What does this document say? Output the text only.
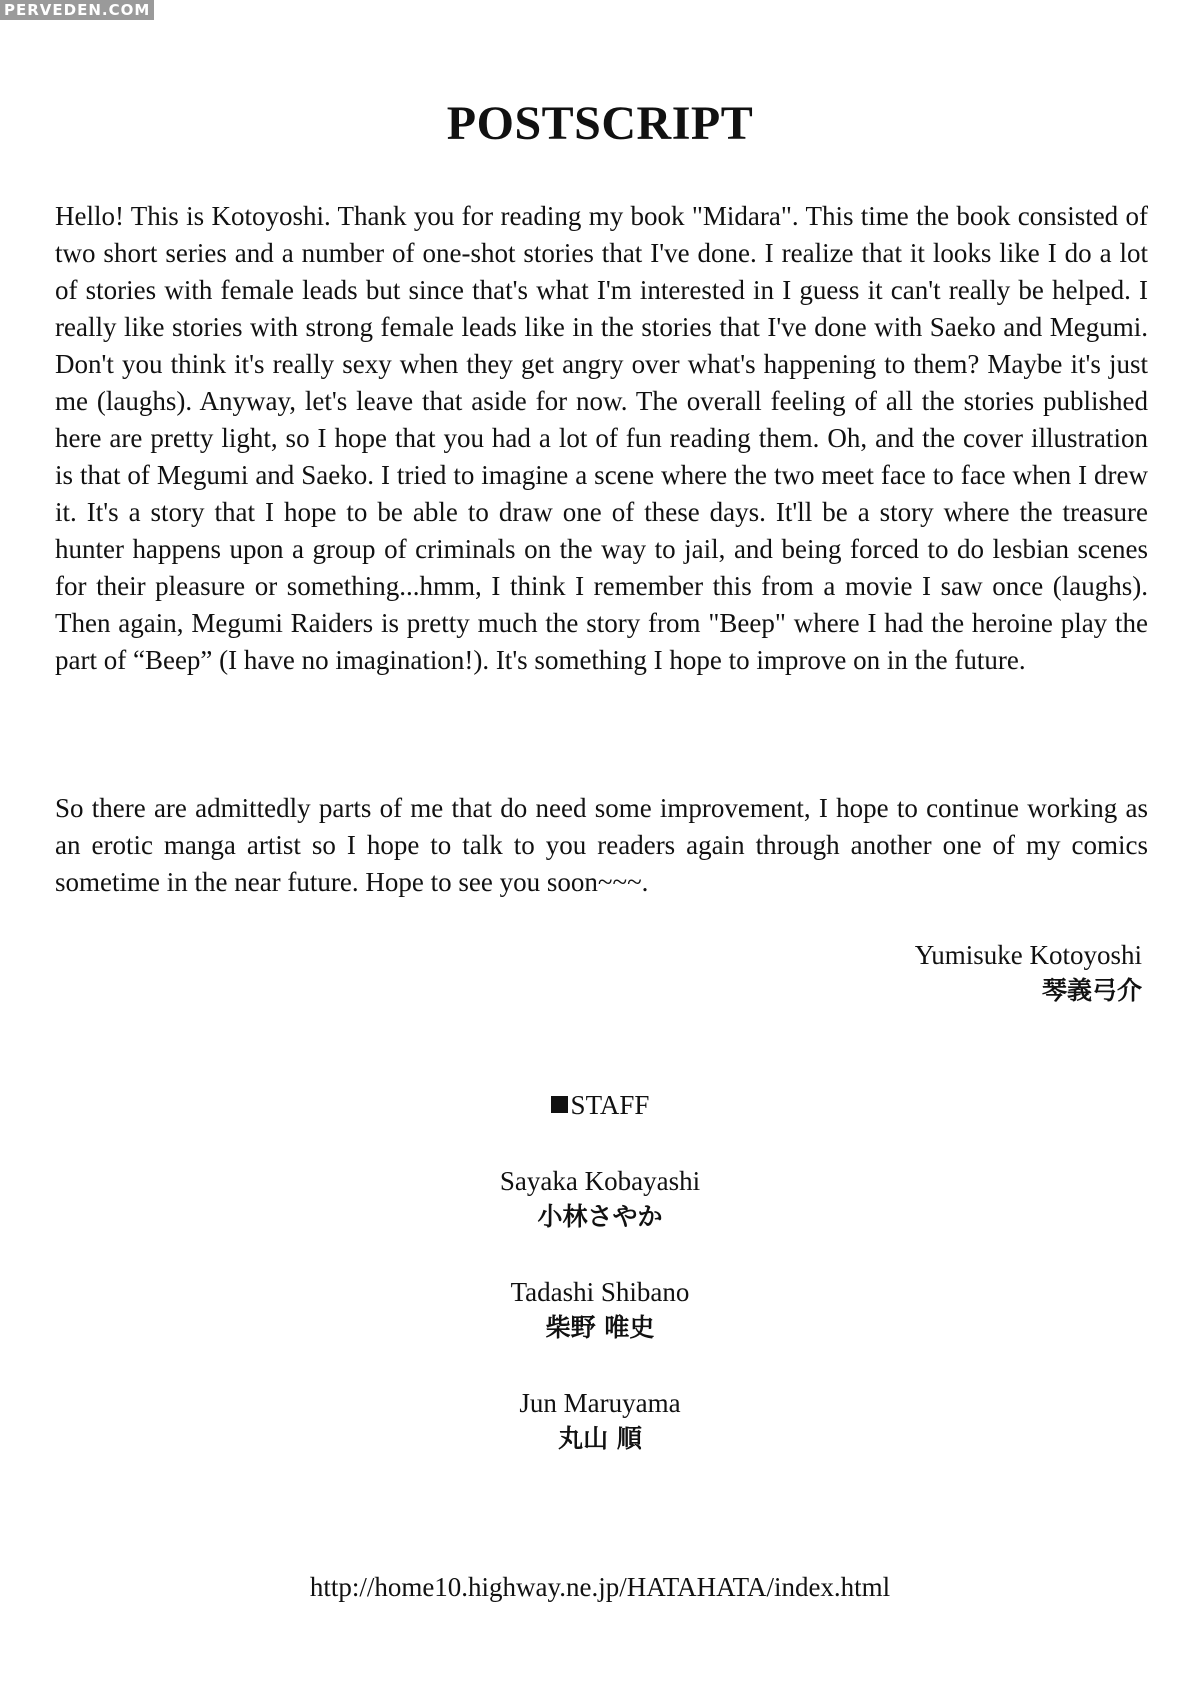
PERVEDEN.COM
POSTSCRIPT

Hello! This is Kotoyoshi. Thank you for reading my book "Midara". This time the book consisted of two short series and a number of one-shot stories that I've done. I realize that it looks like I do a lot of stories with female leads but since that's what I'm interested in I guess it can't really be helped. I really like stories with strong female leads like in the stories that I've done with Saeko and Megumi. Don't you think it's really sexy when they get angry over what's happening to them? Maybe it's just me (laughs). Anyway, let's leave that aside for now. The overall feeling of all the stories published here are pretty light, so I hope that you had a lot of fun reading them. Oh, and the cover illustration is that of Megumi and Saeko. I tried to imagine a scene where the two meet face to face when I drew it. It's a story that I hope to be able to draw one of these days. It'll be a story where the treasure hunter happens upon a group of criminals on the way to jail, and being forced to do lesbian scenes for their pleasure or something...hmm, I think I remember this from a movie I saw once (laughs). Then again, Megumi Raiders is pretty much the story from "Beep" where I had the heroine play the part of “Beep” (I have no imagination!). It's something I hope to improve on in the future.

So there are admittedly parts of me that do need some improvement, I hope to continue working as an erotic manga artist so I hope to talk to you readers again through another one of my comics sometime in the near future. Hope to see you soon~~~.

Yumisuke Kotoyoshi
琴義弓介
STAFF
Sayaka Kobayashi
小林さやか
Tadashi Shibano
柴野 唯史
Jun Maruyama
丸山 順
http://home10.highway.ne.jp/HATAHATA/index.html
